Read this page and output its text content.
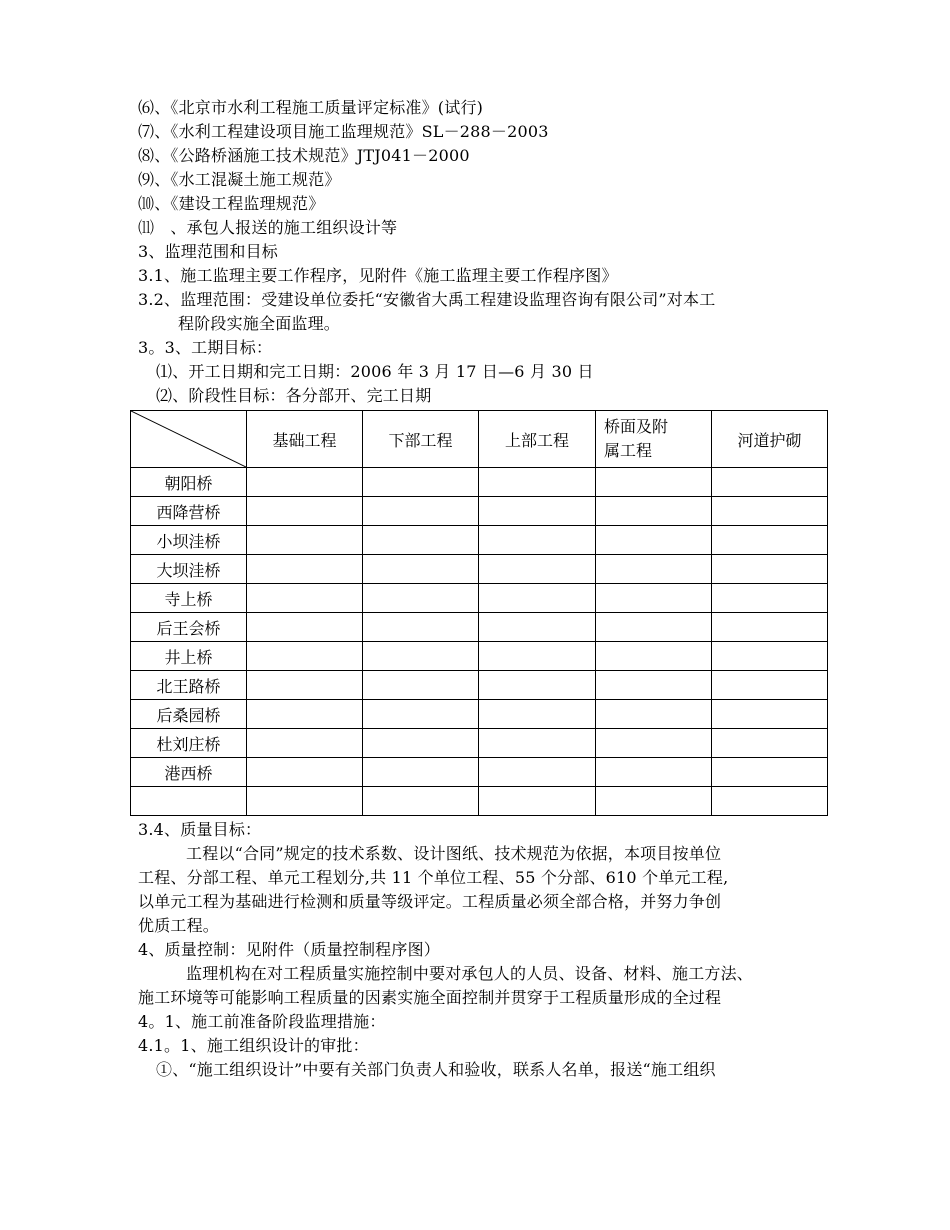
⑹、《北京市水利工程施工质量评定标准》(试行)
⑺、《水利工程建设项目施工监理规范》SL－288－2003
⑻、《公路桥涵施工技术规范》JTJ041－2000
⑼、《水工混凝土施工规范》
⑽、《建设工程监理规范》
⑾　、承包人报送的施工组织设计等
3、监理范围和目标
3.1、施工监理主要工作程序，见附件《施工监理主要工作程序图》
3.2、监理范围：受建设单位委托“安徽省大禹工程建设监理咨询有限公司”对本工
程阶段实施全面监理。
3。3、工期目标：
⑴、开工日期和完工日期：2006 年 3 月 17 日—6 月 30 日
⑵、阶段性目标：各分部开、完工日期
	基础工程	下部工程	上部工程	桥面及附
属工程	河道护砌
朝阳桥					
西降营桥					
小坝洼桥					
大坝洼桥					
寺上桥					
后王会桥					
井上桥					
北王路桥					
后桑园桥					
杜刘庄桥					
港西桥					

3.4、质量目标：
工程以“合同”规定的技术系数、设计图纸、技术规范为依据，本项目按单位
工程、分部工程、单元工程划分,共 11 个单位工程、55 个分部、610 个单元工程,
以单元工程为基础进行检测和质量等级评定。工程质量必须全部合格，并努力争创
优质工程。
4、质量控制：见附件（质量控制程序图）
监理机构在对工程质量实施控制中要对承包人的人员、设备、材料、施工方法、
施工环境等可能影响工程质量的因素实施全面控制并贯穿于工程质量形成的全过程
4。1、施工前准备阶段监理措施：
4.1。1、施工组织设计的审批：
①、“施工组织设计”中要有关部门负责人和验收，联系人名单，报送“施工组织
